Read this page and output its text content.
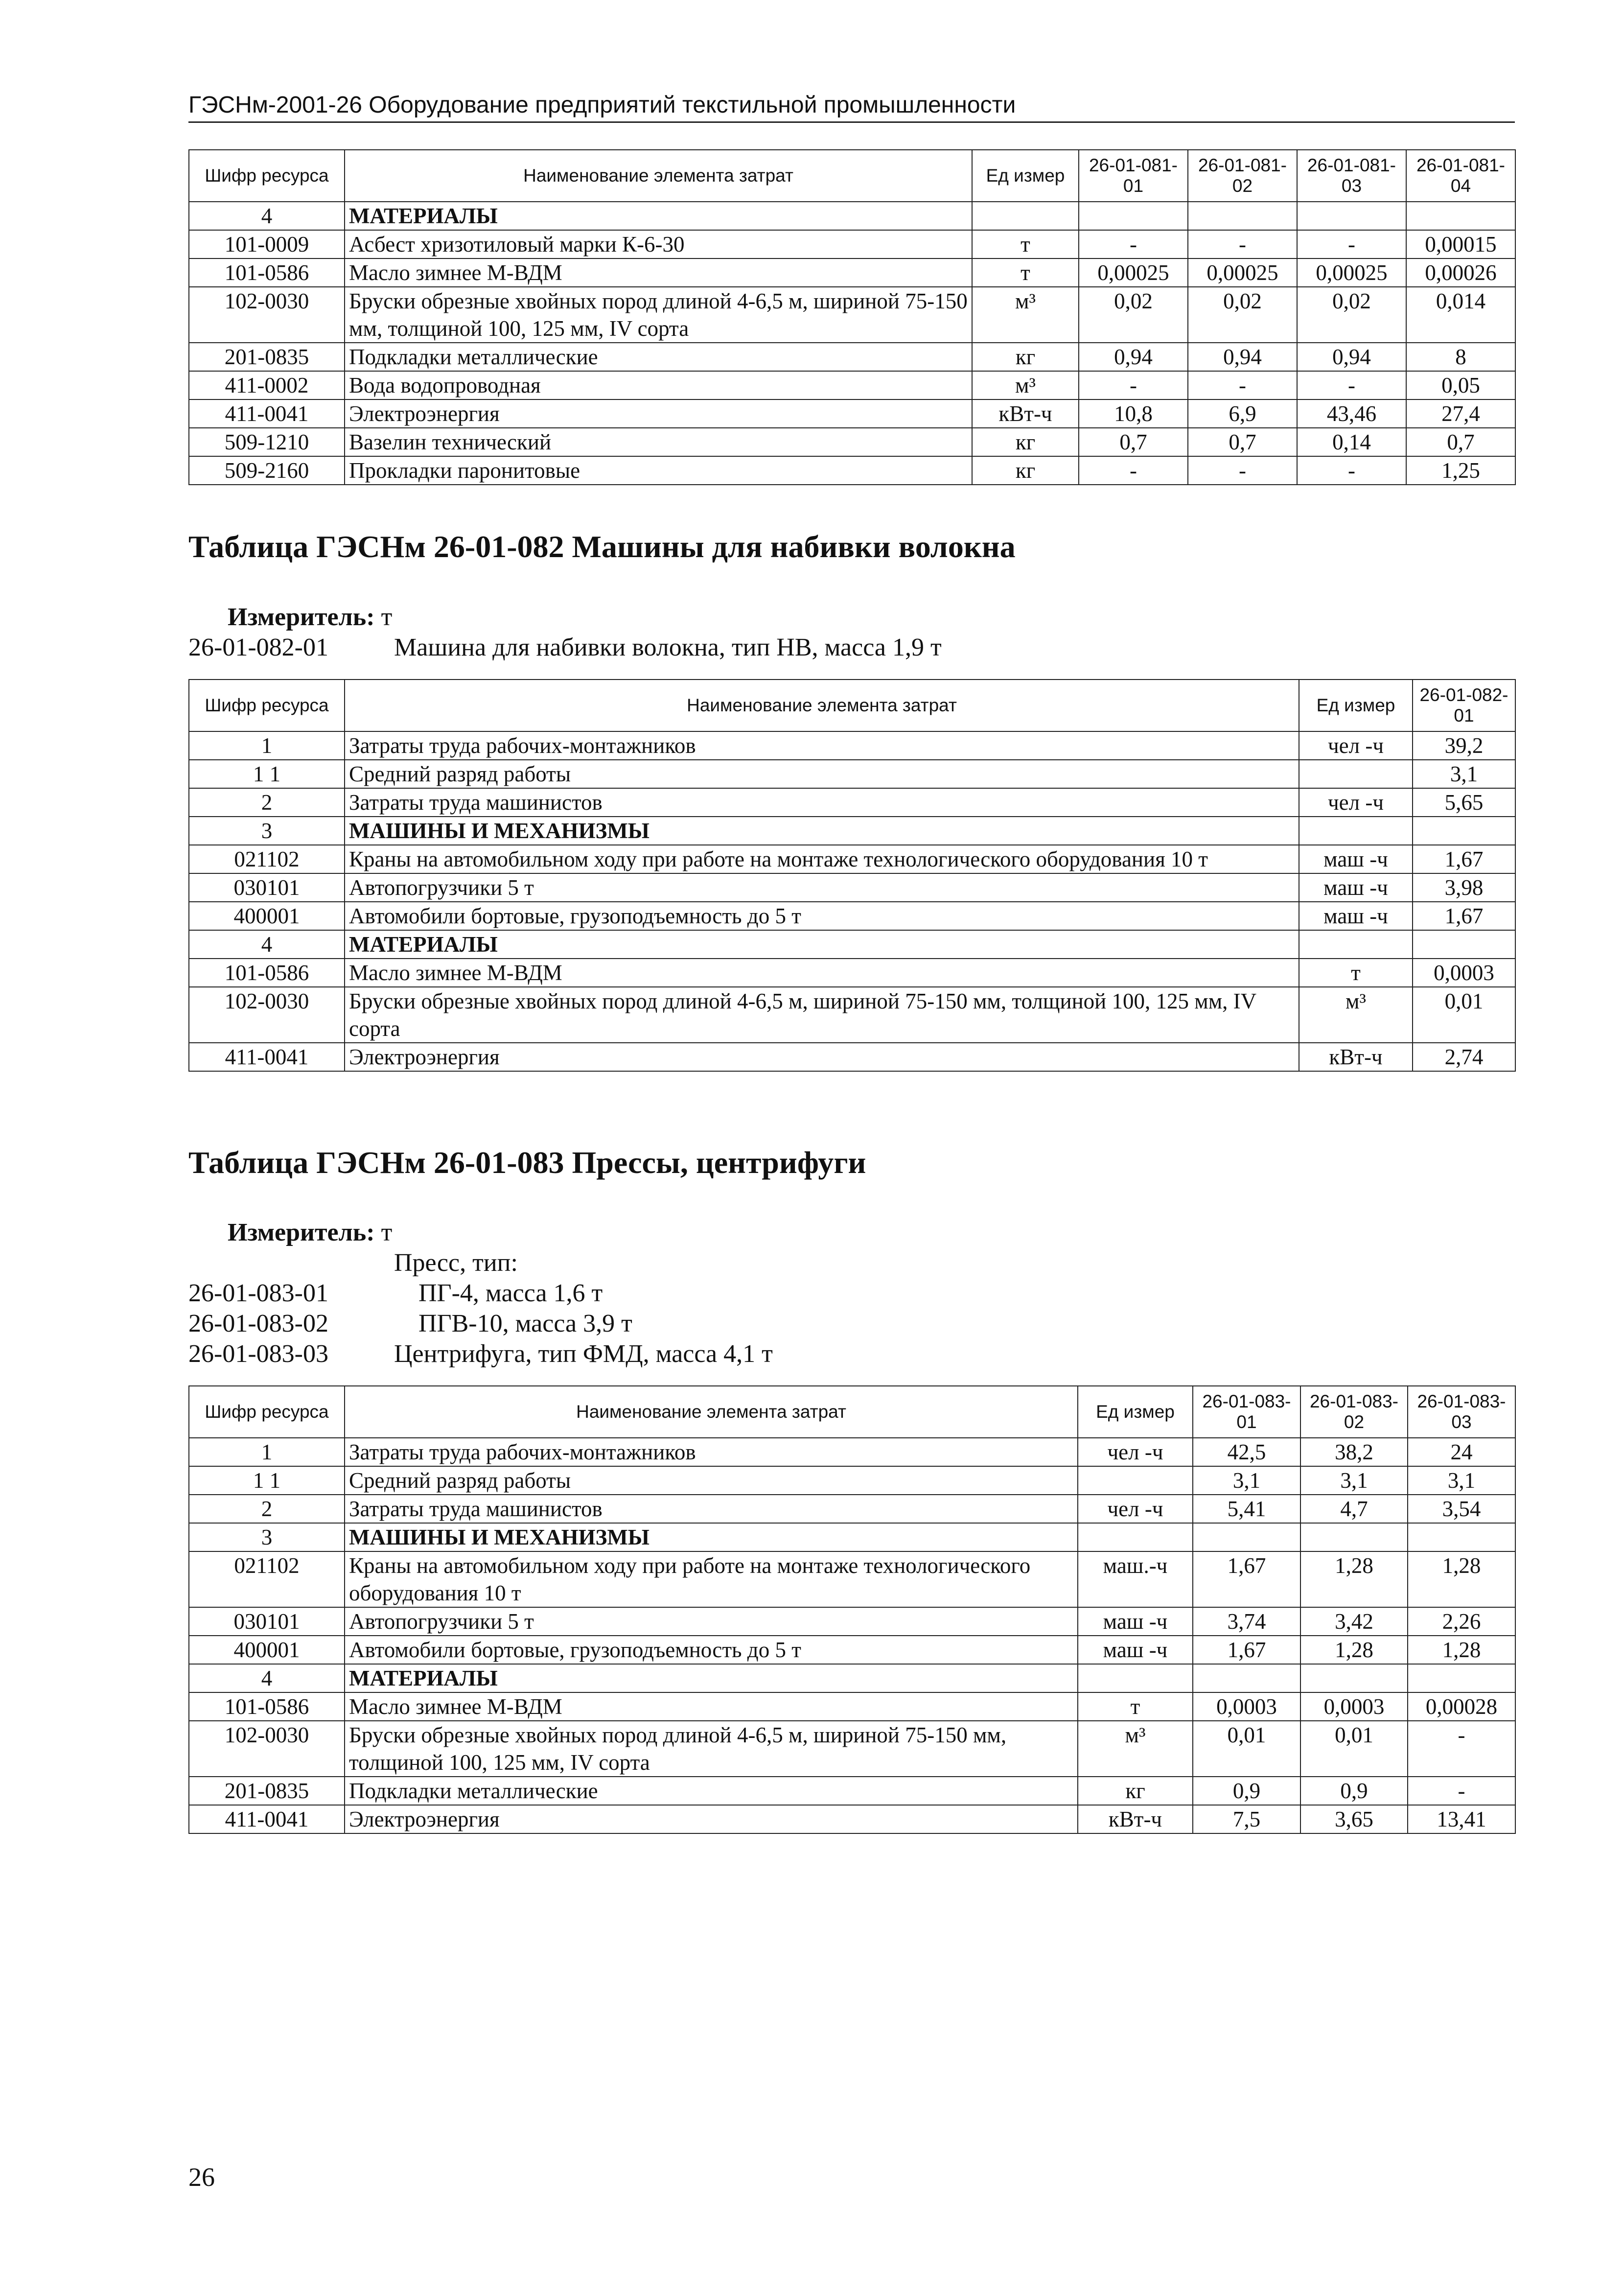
ГЭСНм-2001-26 Оборудование предприятий текстильной промышленности
Шифр ресурса	Наименование элемента затрат	Ед измер	26-01-081-01	26-01-081-02	26-01-081-03	26-01-081-04
4	МАТЕРИАЛЫ					
101-0009	Асбест хризотиловый марки К-6-30	т	-	-	-	0,00015
101-0586	Масло зимнее М-ВДМ	т	0,00025	0,00025	0,00025	0,00026
102-0030	Бруски обрезные хвойных пород длиной 4-6,5 м, шириной 75-150 мм, толщиной 100, 125 мм, IV сорта	м³	0,02	0,02	0,02	0,014
201-0835	Подкладки металлические	кг	0,94	0,94	0,94	8
411-0002	Вода водопроводная	м³	-	-	-	0,05
411-0041	Электроэнергия	кВт-ч	10,8	6,9	43,46	27,4
509-1210	Вазелин технический	кг	0,7	0,7	0,14	0,7
509-2160	Прокладки паронитовые	кг	-	-	-	1,25
Таблица ГЭСНм 26-01-082 Машины для набивки волокна
Измеритель: т
26-01-082-01	Машина для набивки волокна, тип НВ, масса 1,9 т
Шифр ресурса	Наименование элемента затрат	Ед измер	26-01-082-01
1	Затраты труда рабочих-монтажников	чел -ч	39,2
1 1	Средний разряд работы		3,1
2	Затраты труда машинистов	чел -ч	5,65
3	МАШИНЫ И МЕХАНИЗМЫ		
021102	Краны на автомобильном ходу при работе на монтаже технологического оборудования 10 т	маш -ч	1,67
030101	Автопогрузчики 5 т	маш -ч	3,98
400001	Автомобили бортовые, грузоподъемность до 5 т	маш -ч	1,67
4	МАТЕРИАЛЫ		
101-0586	Масло зимнее М-ВДМ	т	0,0003
102-0030	Бруски обрезные хвойных пород длиной 4-6,5 м, шириной 75-150 мм, толщиной 100, 125 мм, IV сорта	м³	0,01
411-0041	Электроэнергия	кВт-ч	2,74
Таблица ГЭСНм 26-01-083 Прессы, центрифуги
Измеритель: т
Пресс, тип:
26-01-083-01	ПГ-4, масса 1,6 т
26-01-083-02	ПГВ-10, масса 3,9 т
26-01-083-03	Центрифуга, тип ФМД, масса 4,1 т
Шифр ресурса	Наименование элемента затрат	Ед измер	26-01-083-01	26-01-083-02	26-01-083-03
1	Затраты труда рабочих-монтажников	чел -ч	42,5	38,2	24
1 1	Средний разряд работы		3,1	3,1	3,1
2	Затраты труда машинистов	чел -ч	5,41	4,7	3,54
3	МАШИНЫ И МЕХАНИЗМЫ				
021102	Краны на автомобильном ходу при работе на монтаже технологического оборудования 10 т	маш.-ч	1,67	1,28	1,28
030101	Автопогрузчики 5 т	маш -ч	3,74	3,42	2,26
400001	Автомобили бортовые, грузоподъемность до 5 т	маш -ч	1,67	1,28	1,28
4	МАТЕРИАЛЫ				
101-0586	Масло зимнее М-ВДМ	т	0,0003	0,0003	0,00028
102-0030	Бруски обрезные хвойных пород длиной 4-6,5 м, шириной 75-150 мм, толщиной 100, 125 мм, IV сорта	м³	0,01	0,01	-
201-0835	Подкладки металлические	кг	0,9	0,9	-
411-0041	Электроэнергия	кВт-ч	7,5	3,65	13,41
26
